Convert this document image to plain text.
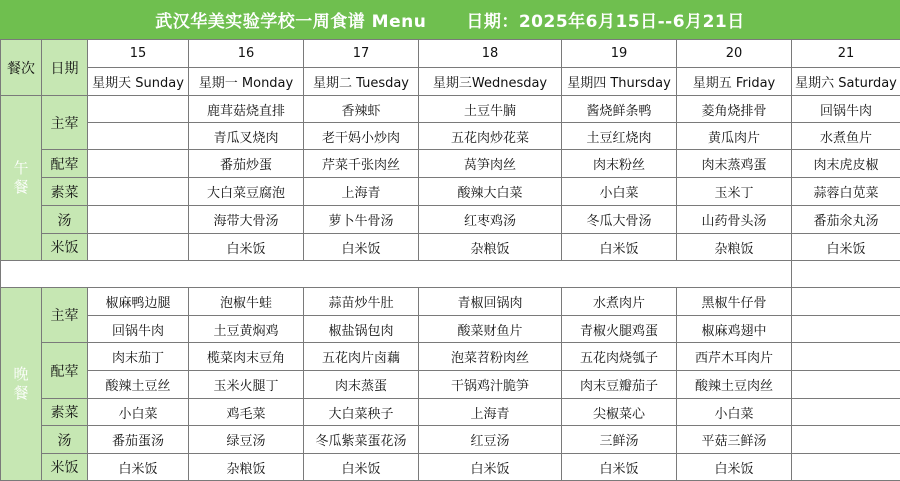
武汉华美实验学校一周食谱 Menu 日期：2025年6月15日--6月21日
餐次	日期	15	16	17	18	19	20	21
		星期天 Sunday	星期一 Monday	星期二 Tuesday	星期三Wednesday	星期四 Thursday	星期五 Friday	星期六 Saturday
午餐	主荤		鹿茸菇烧直排	香辣虾	土豆牛腩	酱烧鲜条鸭	菱角烧排骨	回锅牛肉
			青瓜叉烧肉	老干妈小炒肉	五花肉炒花菜	土豆红烧肉	黄瓜肉片	水煮鱼片
	配荤		番茄炒蛋	芹菜千张肉丝	莴笋肉丝	肉末粉丝	肉末蒸鸡蛋	肉末虎皮椒
	素菜		大白菜豆腐泡	上海青	酸辣大白菜	小白菜	玉米丁	蒜蓉白苋菜
	汤		海带大骨汤	萝卜牛骨汤	红枣鸡汤	冬瓜大骨汤	山药骨头汤	番茄氽丸汤
	米饭		白米饭	白米饭	杂粮饭	白米饭	杂粮饭	白米饭

晚餐	主荤	椒麻鸭边腿	泡椒牛蛙	蒜苗炒牛肚	青椒回锅肉	水煮肉片	黑椒牛仔骨	
		回锅牛肉	土豆黄焖鸡	椒盐锅包肉	酸菜财鱼片	青椒火腿鸡蛋	椒麻鸡翅中	
	配荤	肉末茄丁	榄菜肉末豆角	五花肉片卤藕	泡菜苕粉肉丝	五花肉烧瓠子	西芹木耳肉片	
		酸辣土豆丝	玉米火腿丁	肉末蒸蛋	干锅鸡汁脆笋	肉末豆瓣茄子	酸辣土豆肉丝	
	素菜	小白菜	鸡毛菜	大白菜秧子	上海青	尖椒菜心	小白菜	
	汤	番茄蛋汤	绿豆汤	冬瓜紫菜蛋花汤	红豆汤	三鲜汤	平菇三鲜汤	
	米饭	白米饭	杂粮饭	白米饭	白米饭	白米饭	白米饭	
